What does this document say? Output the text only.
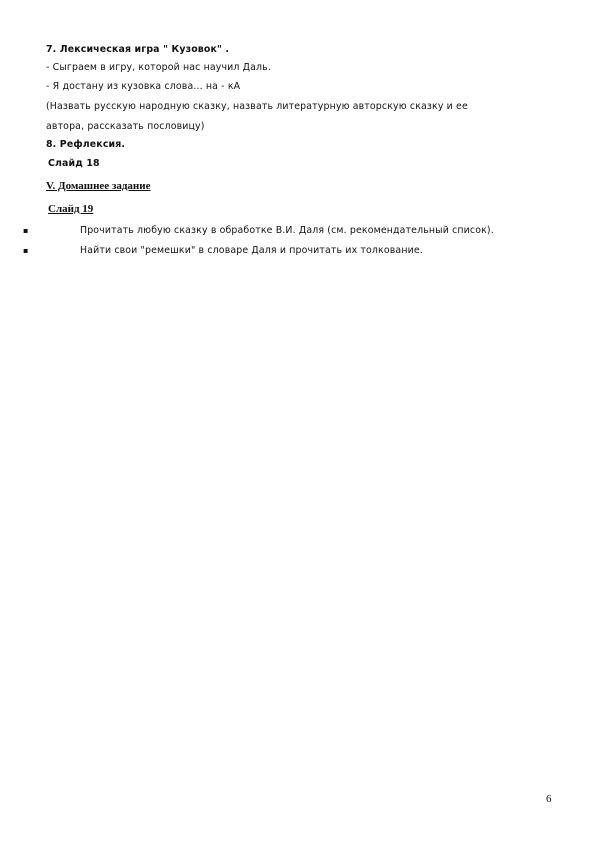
7. Лексическая игра " Кузовок" .
- Сыграем в игру, которой нас научил Даль.
- Я достану из кузовка слова... на - кА
(Назвать русскую народную сказку, назвать литературную авторскую сказку и ее
автора, рассказать пословицу)
8. Рефлексия.
Слайд 18
V. Домашнее задание
Слайд 19
▪	Прочитать любую сказку в обработке В.И. Даля (см. рекомендательный список).
▪	Найти свои "ремешки" в словаре Даля и прочитать их толкование.
6
